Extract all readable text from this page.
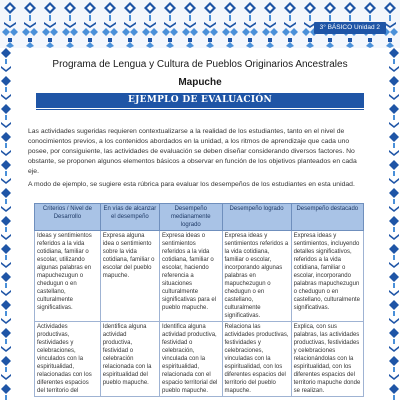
3° BÁSICO Unidad 2
Programa de Lengua y Cultura de Pueblos Originarios Ancestrales
Mapuche
EJEMPLO DE EVALUACIÓN

Las actividades sugeridas requieren contextualizarse a la realidad de los estudiantes, tanto en el nivel de conocimientos previos, a los contenidos abordados en la unidad, a los ritmos de aprendizaje que cada uno posee, por consiguiente, las actividades de evaluación se deben diseñar considerando diversos factores. No obstante, se proponen algunos elementos básicos a observar en función de los objetivos planteados en cada eje.

A modo de ejemplo, se sugiere esta rúbrica para evaluar los desempeños de los estudiantes en esta unidad.

Criterios / Nivel de Desarrollo	En vías de alcanzar el desempeño	Desempeño medianamente logrado	Desempeño logrado	Desempeño destacado
Ideas y sentimientos referidos a la vida cotidiana, familiar o escolar, utilizando algunas palabras en mapuchezugun o chedugun o en castellano, culturalmente significativas.	Expresa alguna idea o sentimiento sobre la vida cotidiana, familiar o escolar del pueblo mapuche.	Expresa ideas o sentimientos referidos a la vida cotidiana, familiar o escolar, haciendo referencia a situaciones culturalmente significativas para el pueblo mapuche.	Expresa ideas y sentimientos referidos a la vida cotidiana, familiar o escolar, incorporando algunas palabras en mapuchezugun o chedugun o en castellano, culturalmente significativas.	Expresa ideas y sentimientos, incluyendo detalles significativos, referidos a la vida cotidiana, familiar o escolar, incorporando palabras mapuchezugun o chedugun o en castellano, culturalmente significativas.
Actividades productivas, festividades y celebraciones, vinculados con la espiritualidad, relacionadas con los diferentes espacios del territorio del	Identifica alguna actividad productiva, festividad o celebración relacionada con la espiritualidad del pueblo mapuche.	Identifica alguna actividad productiva, festividad o celebración, vinculada con la espiritualidad, relacionada con el espacio territorial del pueblo mapuche.	Relaciona las actividades productivas, festividades y celebraciones, vinculadas con la espiritualidad, con los diferentes espacios del territorio del pueblo mapuche.	Explica, con sus palabras, las actividades productivas, festividades y celebraciones relacionándolas con la espiritualidad, con los diferentes espacios del territorio mapuche donde se realizan.
